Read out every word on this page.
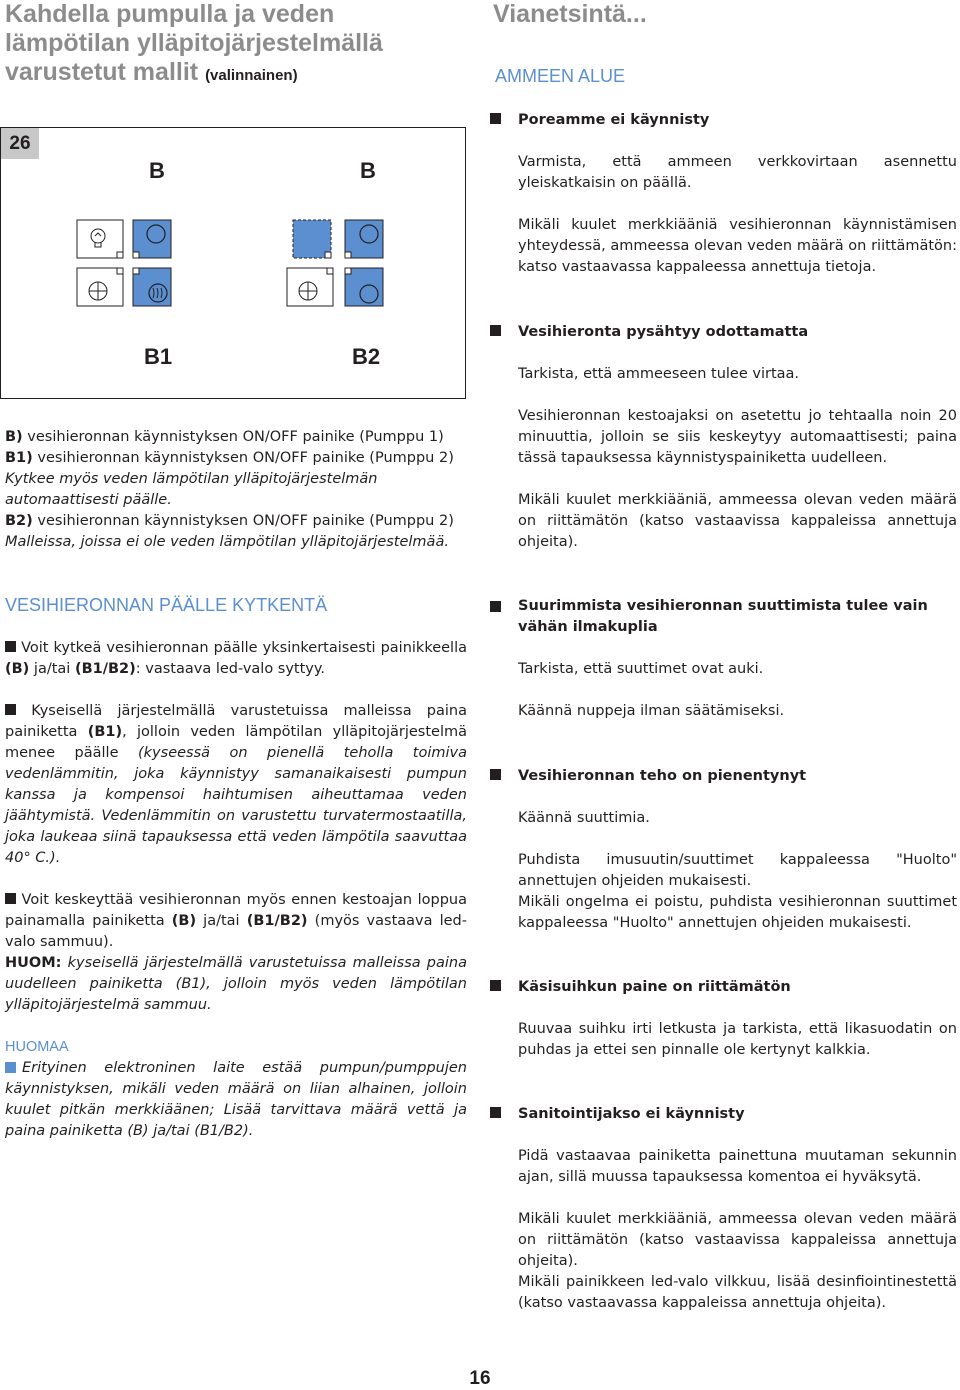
Kahdella pumpulla ja veden
lämpötilan ylläpitojärjestelmällä
varustetut mallit (valinnainen)
26
B	B
B1	B2
B) vesihieronnan käynnistyksen ON/OFF painike (Pumppu 1)
B1) vesihieronnan käynnistyksen ON/OFF painike (Pumppu 2)
Kytkee myös veden lämpötilan ylläpitojärjestelmän automaattisesti päälle.
B2) vesihieronnan käynnistyksen ON/OFF painike (Pumppu 2)
Malleissa, joissa ei ole veden lämpötilan ylläpitojärjestelmää.
VESIHIERONNAN PÄÄLLE KYTKENTÄ

Voit kytkeä vesihieronnan päälle yksinkertaisesti painikkeella (B) ja/tai (B1/B2): vastaava led-valo syttyy.

Kyseisellä järjestelmällä varustetuissa malleissa paina painiketta (B1), jolloin veden lämpötilan ylläpitojärjestelmä menee päälle (kyseessä on pienellä teholla toimiva vedenlämmitin, joka käynnistyy samanaikaisesti pumpun kanssa ja kompensoi haihtumisen aiheuttamaa veden jäähtymistä. Vedenlämmitin on varustettu turvatermostaatilla, joka laukeaa siinä tapauksessa että veden lämpötila saavuttaa 40° C.).

Voit keskeyttää vesihieronnan myös ennen kestoajan loppua painamalla painiketta (B) ja/tai (B1/B2) (myös vastaava led-valo sammuu).

HUOM: kyseisellä järjestelmällä varustetuissa malleissa paina uudelleen painiketta (B1), jolloin myös veden lämpötilan ylläpitojärjestelmä sammuu.

HUOMAA

Erityinen elektroninen laite estää pumpun/pumppujen käynnistyksen, mikäli veden määrä on liian alhainen, jolloin kuulet pitkän merkkiäänen; Lisää tarvittava määrä vettä ja paina painiketta (B) ja/tai (B1/B2).

Vianetsintä...
AMMEEN ALUE
Poreamme ei käynnisty
Varmista, että ammeen verkkovirtaan asennettu yleiskatkaisin on päällä.
Mikäli kuulet merkkiääniä vesihieronnan käynnistämisen yhteydessä, ammeessa olevan veden määrä on riittämätön: katso vastaavassa kappaleessa annettuja tietoja.
Vesihieronta pysähtyy odottamatta
Tarkista, että ammeeseen tulee virtaa.
Vesihieronnan kestoajaksi on asetettu jo tehtaalla noin 20 minuuttia, jolloin se siis keskeytyy automaattisesti; paina tässä tapauksessa käynnistyspainiketta uudelleen.
Mikäli kuulet merkkiääniä, ammeessa olevan veden määrä on riittämätön (katso vastaavissa kappaleissa annettuja ohjeita).
Suurimmista vesihieronnan suuttimista tulee vain vähän ilmakuplia
Tarkista, että suuttimet ovat auki.
Käännä nuppeja ilman säätämiseksi.
Vesihieronnan teho on pienentynyt
Käännä suuttimia.
Puhdista imusuutin/suuttimet kappaleessa "Huolto" annettujen ohjeiden mukaisesti.
Mikäli ongelma ei poistu, puhdista vesihieronnan suuttimet kappaleessa "Huolto" annettujen ohjeiden mukaisesti.
Käsisuihkun paine on riittämätön
Ruuvaa suihku irti letkusta ja tarkista, että likasuodatin on puhdas ja ettei sen pinnalle ole kertynyt kalkkia.
Sanitointijakso ei käynnisty
Pidä vastaavaa painiketta painettuna muutaman sekunnin ajan, sillä muussa tapauksessa komentoa ei hyväksytä.
Mikäli kuulet merkkiääniä, ammeessa olevan veden määrä on riittämätön (katso vastaavissa kappaleissa annettuja ohjeita).
Mikäli painikkeen led-valo vilkkuu, lisää desinfiointinestettä (katso vastaavassa kappaleissa annettuja ohjeita).
16
